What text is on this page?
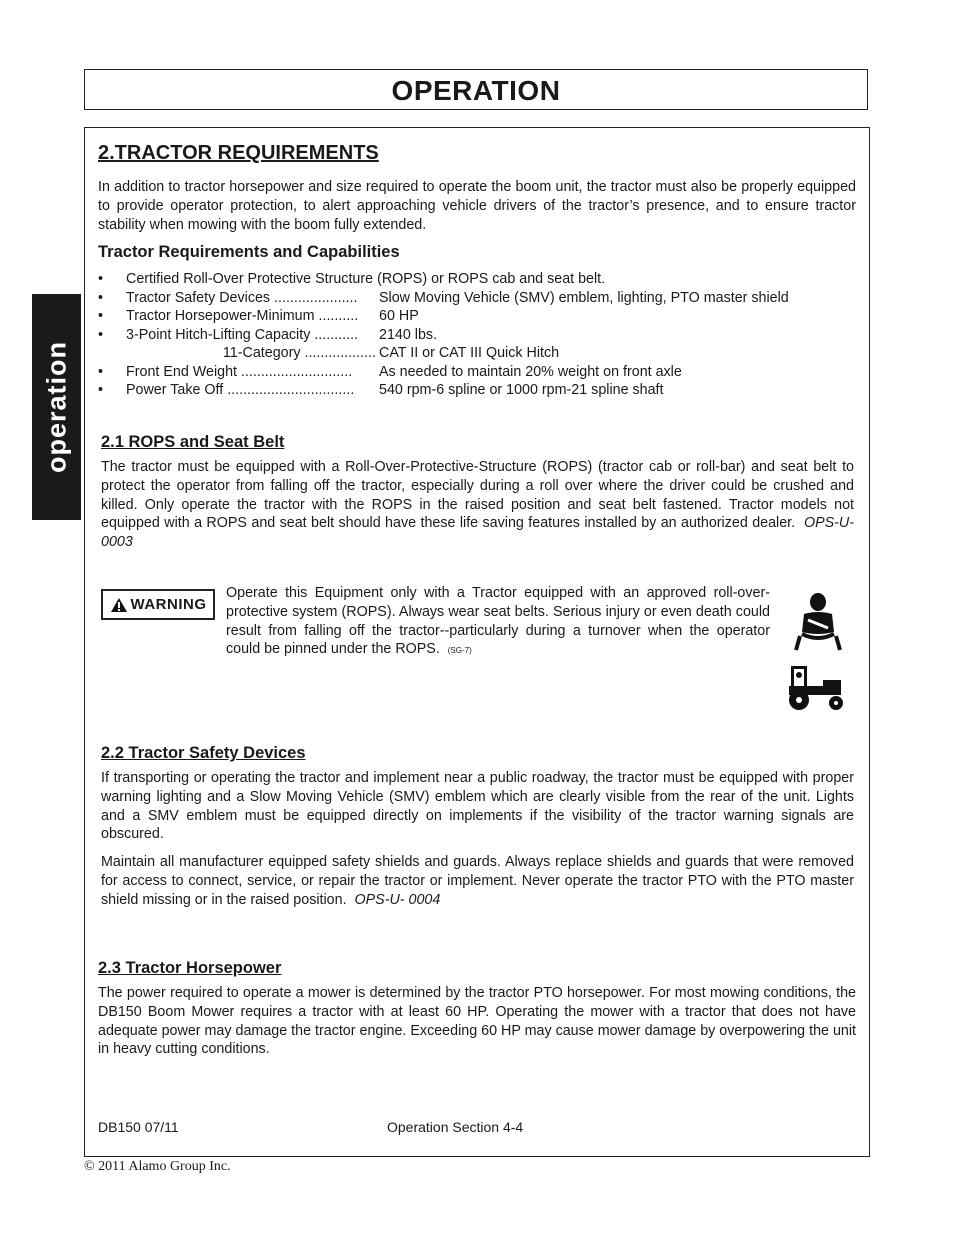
OPERATION
operation
2.TRACTOR REQUIREMENTS

In addition to tractor horsepower and size required to operate the boom unit, the tractor must also be properly equipped to provide operator protection, to alert approaching vehicle drivers of the tractor’s presence, and to ensure tractor stability when mowing with the boom fully extended.

Tractor Requirements and Capabilities
• Certified Roll-Over Protective Structure (ROPS) or ROPS cab and seat belt.
• Tractor Safety Devices ..................... Slow Moving Vehicle (SMV) emblem, lighting, PTO master shield
• Tractor Horsepower-Minimum .......... 60 HP
• 3-Point Hitch-Lifting Capacity ........... 2140 lbs.
11-Category .................. CAT II or CAT III Quick Hitch
• Front End Weight ............................ As needed to maintain 20% weight on front axle
• Power Take Off ................................ 540 rpm-6 spline or 1000 rpm-21 spline shaft
2.1 ROPS and Seat Belt

The tractor must be equipped with a Roll-Over-Protective-Structure (ROPS) (tractor cab or roll-bar) and seat belt to protect the operator from falling off the tractor, especially during a roll over where the driver could be crushed and killed. Only operate the tractor with the ROPS in the raised position and seat belt fastened. Tractor models not equipped with a ROPS and seat belt should have these life saving features installed by an authorized dealer. OPS-U- 0003

WARNING

Operate this Equipment only with a Tractor equipped with an approved roll-over-protective system (ROPS). Always wear seat belts. Serious injury or even death could result from falling off the tractor--particularly during a turnover when the operator could be pinned under the ROPS. (SG-7)

2.2 Tractor Safety Devices

If transporting or operating the tractor and implement near a public roadway, the tractor must be equipped with proper warning lighting and a Slow Moving Vehicle (SMV) emblem which are clearly visible from the rear of the unit. Lights and a SMV emblem must be equipped directly on implements if the visibility of the tractor warning signals are obscured.

Maintain all manufacturer equipped safety shields and guards. Always replace shields and guards that were removed for access to connect, service, or repair the tractor or implement. Never operate the tractor PTO with the PTO master shield missing or in the raised position. OPS-U- 0004

2.3 Tractor Horsepower

The power required to operate a mower is determined by the tractor PTO horsepower. For most mowing conditions, the DB150 Boom Mower requires a tractor with at least 60 HP. Operating the mower with a tractor that does not have adequate power may damage the tractor engine. Exceeding 60 HP may cause mower damage by overpowering the unit in heavy cutting conditions.

DB150 07/11	Operation Section 4-4
© 2011 Alamo Group Inc.
